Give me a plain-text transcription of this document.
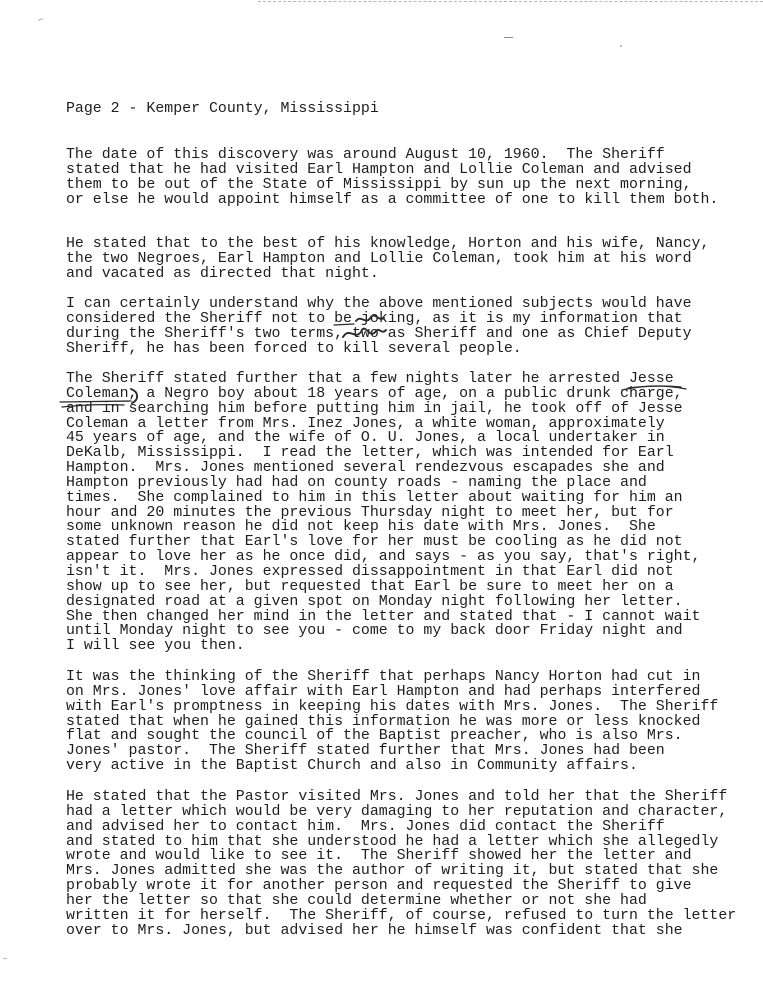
Page 2 - Kemper County, Mississippi
The date of this discovery was around August 10, 1960.  The Sheriff
stated that he had visited Earl Hampton and Lollie Coleman and advised
them to be out of the State of Mississippi by sun up the next morning,
or else he would appoint himself as a committee of one to kill them both.
He stated that to the best of his knowledge, Horton and his wife, Nancy,
the two Negroes, Earl Hampton and Lollie Coleman, took him at his word
and vacated as directed that night.
I can certainly understand why the above mentioned subjects would have
considered the Sheriff not to be joking, as it is my information that
during the Sheriff's two terms, two as Sheriff and one as Chief Deputy
Sheriff, he has been forced to kill several people.
The Sheriff stated further that a few nights later he arrested Jesse
Coleman, a Negro boy about 18 years of age, on a public drunk charge,
and in searching him before putting him in jail, he took off of Jesse
Coleman a letter from Mrs. Inez Jones, a white woman, approximately
45 years of age, and the wife of O. U. Jones, a local undertaker in
DeKalb, Mississippi.  I read the letter, which was intended for Earl
Hampton.  Mrs. Jones mentioned several rendezvous escapades she and
Hampton previously had had on county roads - naming the place and
times.  She complained to him in this letter about waiting for him an
hour and 20 minutes the previous Thursday night to meet her, but for
some unknown reason he did not keep his date with Mrs. Jones.  She
stated further that Earl's love for her must be cooling as he did not
appear to love her as he once did, and says - as you say, that's right,
isn't it.  Mrs. Jones expressed dissappointment in that Earl did not
show up to see her, but requested that Earl be sure to meet her on a
designated road at a given spot on Monday night following her letter.
She then changed her mind in the letter and stated that - I cannot wait
until Monday night to see you - come to my back door Friday night and
I will see you then.
It was the thinking of the Sheriff that perhaps Nancy Horton had cut in
on Mrs. Jones' love affair with Earl Hampton and had perhaps interfered
with Earl's promptness in keeping his dates with Mrs. Jones.  The Sheriff
stated that when he gained this information he was more or less knocked
flat and sought the council of the Baptist preacher, who is also Mrs.
Jones' pastor.  The Sheriff stated further that Mrs. Jones had been
very active in the Baptist Church and also in Community affairs.
He stated that the Pastor visited Mrs. Jones and told her that the Sheriff
had a letter which would be very damaging to her reputation and character,
and advised her to contact him.  Mrs. Jones did contact the Sheriff
and stated to him that she understood he had a letter which she allegedly
wrote and would like to see it.  The Sheriff showed her the letter and
Mrs. Jones admitted she was the author of writing it, but stated that she
probably wrote it for another person and requested the Sheriff to give
her the letter so that she could determine whether or not she had
written it for herself.  The Sheriff, of course, refused to turn the letter
over to Mrs. Jones, but advised her he himself was confident that she
